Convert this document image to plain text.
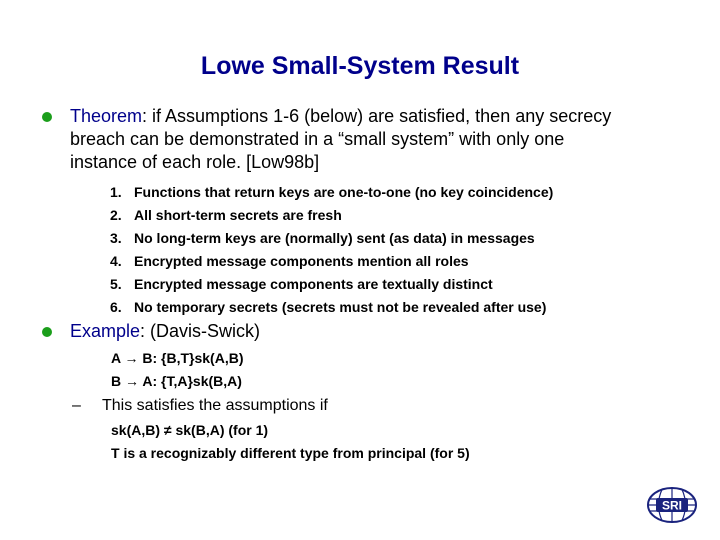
Lowe Small-System Result
Theorem: if Assumptions 1-6 (below) are satisfied, then any secrecy breach can be demonstrated in a “small system” with only one instance of each role. [Low98b]
1. Functions that return keys are one-to-one (no key coincidence)
2. All short-term secrets are fresh
3. No long-term keys are (normally) sent (as data) in messages
4. Encrypted message components mention all roles
5. Encrypted message components are textually distinct
6. No temporary secrets (secrets must not be revealed after use)
Example: (Davis-Swick)
A → B: {B,T}sk(A,B)
B → A: {T,A}sk(B,A)
– This satisfies the assumptions if
sk(A,B) ≠ sk(B,A) (for 1)
T is a recognizably different type from principal (for 5)
SRI
